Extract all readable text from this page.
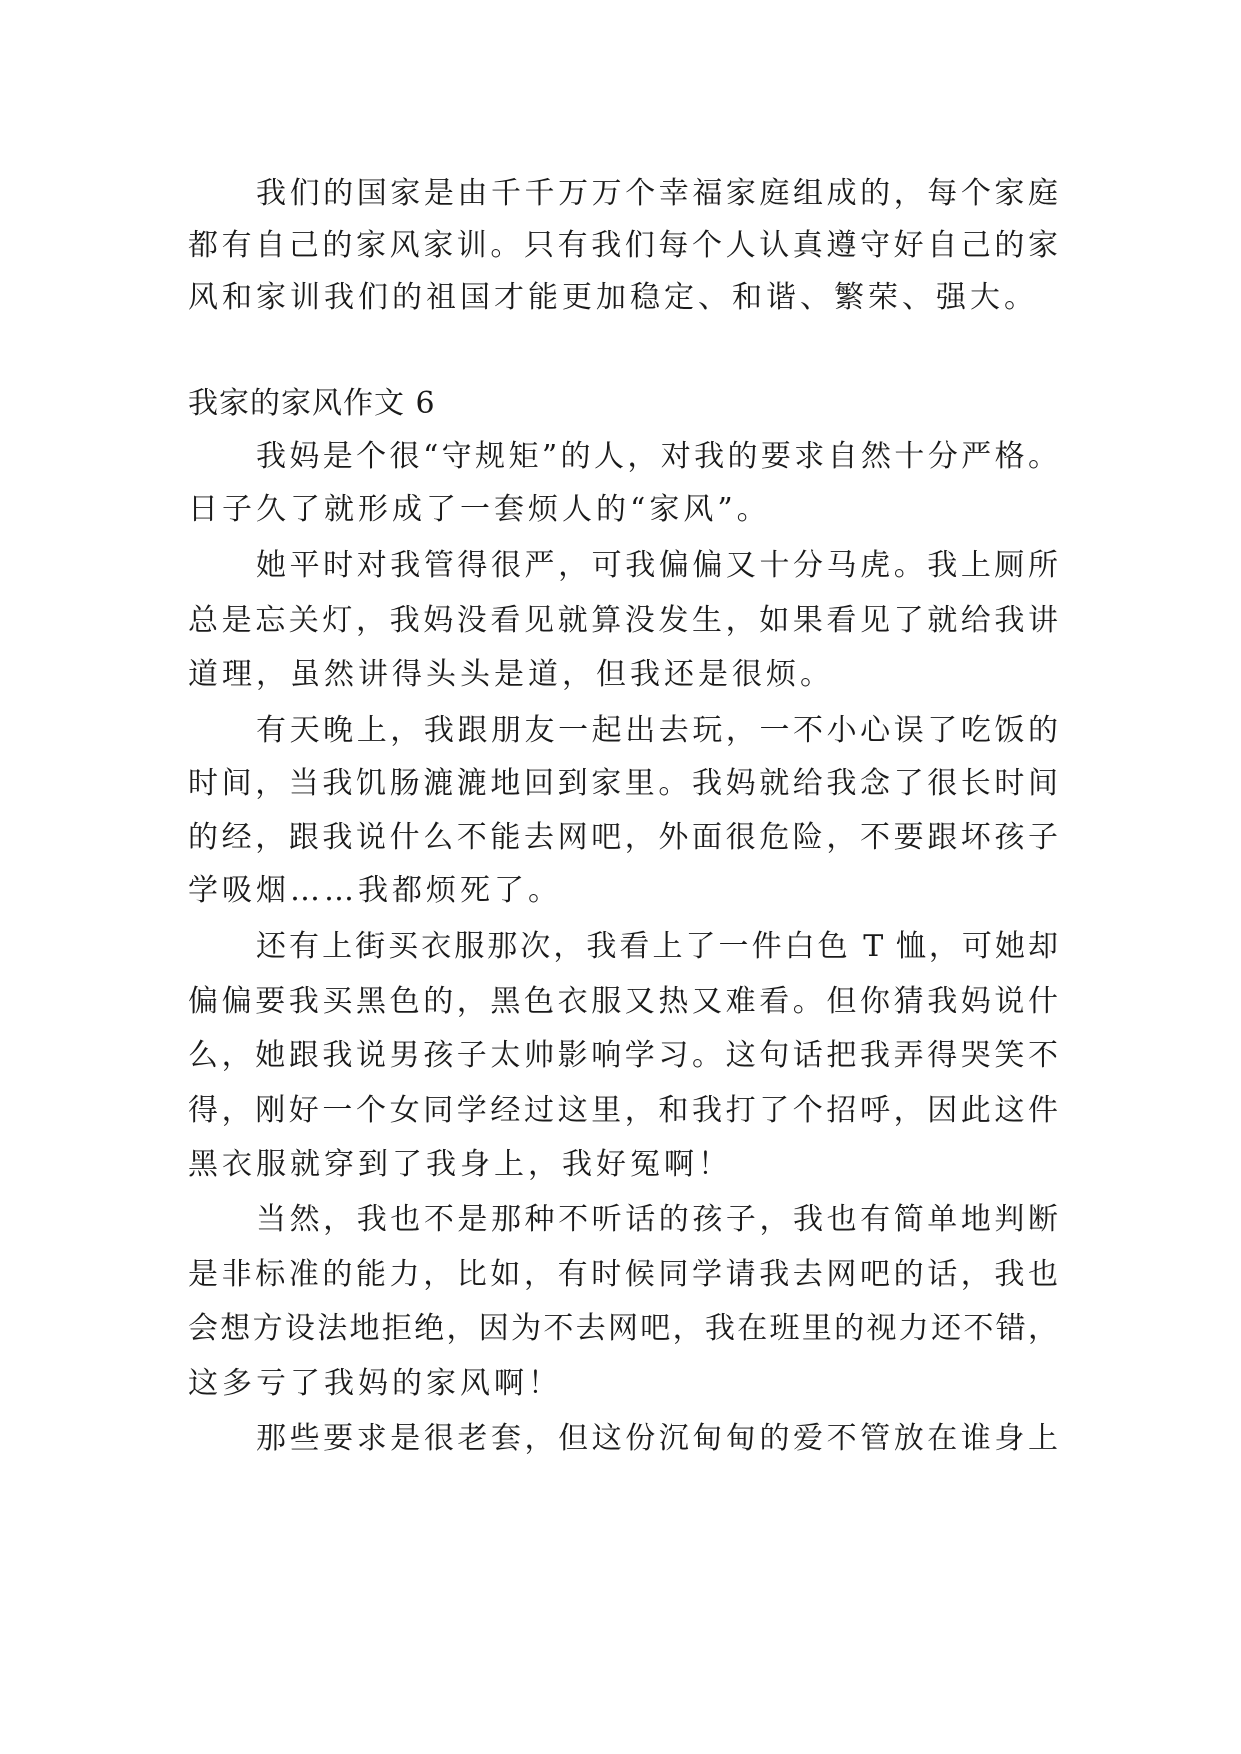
我们的国家是由千千万万个幸福家庭组成的，每个家庭
都有自己的家风家训。只有我们每个人认真遵守好自己的家
风和家训我们的祖国才能更加稳定、和谐、繁荣、强大。
我家的家风作文 6
我妈是个很“守规矩”的人，对我的要求自然十分严格。
日子久了就形成了一套烦人的“家风”。
她平时对我管得很严，可我偏偏又十分马虎。我上厕所
总是忘关灯，我妈没看见就算没发生，如果看见了就给我讲
道理，虽然讲得头头是道，但我还是很烦。
有天晚上，我跟朋友一起出去玩，一不小心误了吃饭的
时间，当我饥肠漉漉地回到家里。我妈就给我念了很长时间
的经，跟我说什么不能去网吧，外面很危险，不要跟坏孩子
学吸烟……我都烦死了。
还有上街买衣服那次，我看上了一件白色 T 恤，可她却
偏偏要我买黑色的，黑色衣服又热又难看。但你猜我妈说什
么，她跟我说男孩子太帅影响学习。这句话把我弄得哭笑不
得，刚好一个女同学经过这里，和我打了个招呼，因此这件
黑衣服就穿到了我身上，我好冤啊！
当然，我也不是那种不听话的孩子，我也有简单地判断
是非标准的能力，比如，有时候同学请我去网吧的话，我也
会想方设法地拒绝，因为不去网吧，我在班里的视力还不错，
这多亏了我妈的家风啊！
那些要求是很老套，但这份沉甸甸的爱不管放在谁身上
